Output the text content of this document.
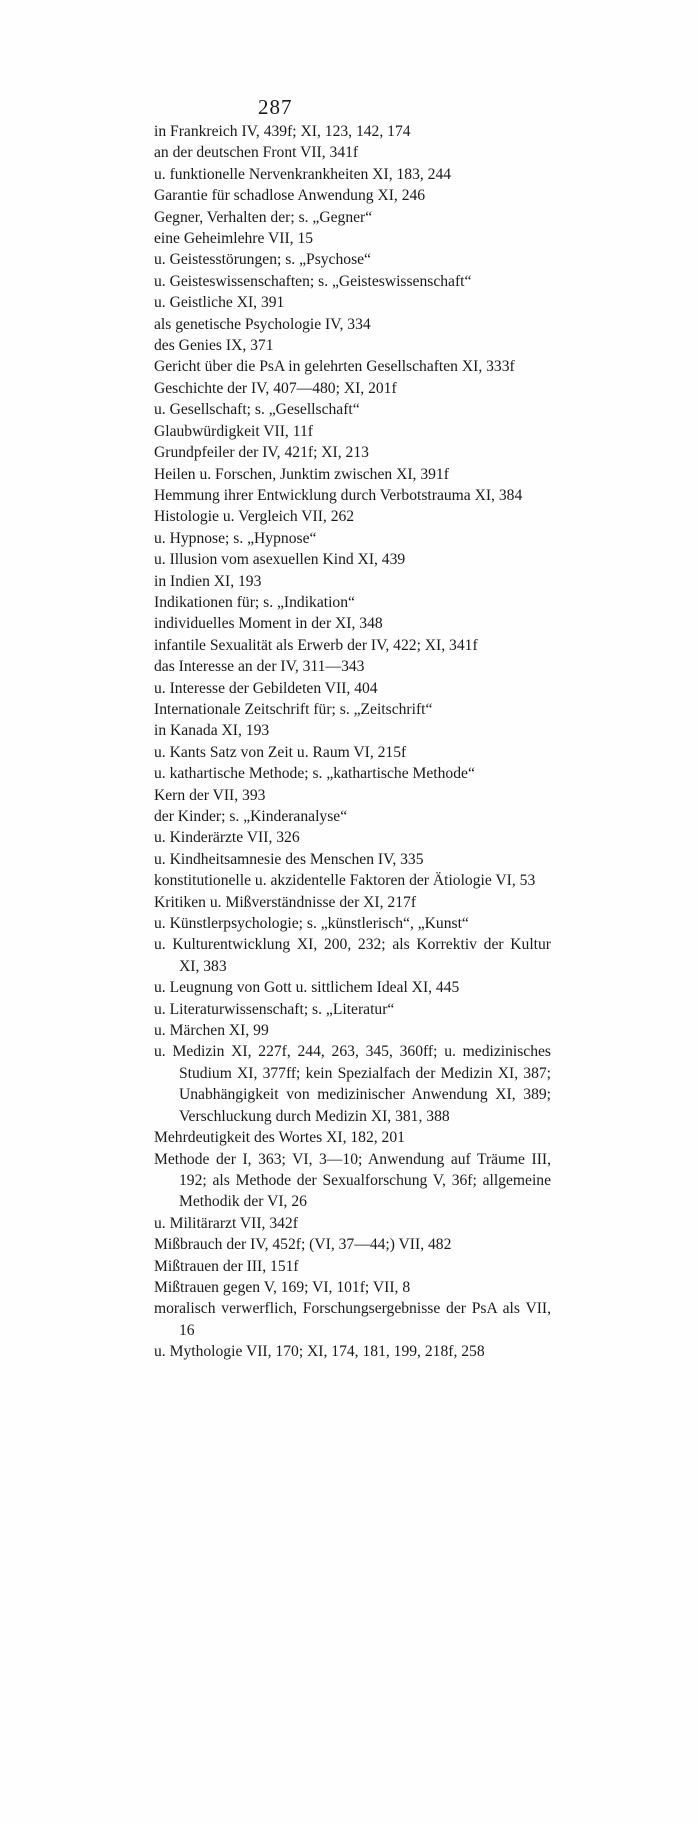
287

in Frankreich IV, 439f; XI, 123, 142, 174

an der deutschen Front VII, 341f

u. funktionelle Nervenkrankheiten XI, 183, 244

Garantie für schadlose Anwendung XI, 246

Gegner, Verhalten der; s. „Gegner“

eine Geheimlehre VII, 15

u. Geistesstörungen; s. „Psychose“

u. Geisteswissenschaften; s. „Geisteswissenschaft“

u. Geistliche XI, 391

als genetische Psychologie IV, 334

des Genies IX, 371

Gericht über die PsA in gelehrten Gesellschaften XI, 333f

Geschichte der IV, 407—480; XI, 201f

u. Gesellschaft; s. „Gesellschaft“

Glaubwürdigkeit VII, 11f

Grundpfeiler der IV, 421f; XI, 213

Heilen u. Forschen, Junktim zwischen XI, 391f

Hemmung ihrer Entwicklung durch Verbotstrauma XI, 384

Histologie u. Vergleich VII, 262

u. Hypnose; s. „Hypnose“

u. Illusion vom asexuellen Kind XI, 439

in Indien XI, 193

Indikationen für; s. „Indikation“

individuelles Moment in der XI, 348

infantile Sexualität als Erwerb der IV, 422; XI, 341f

das Interesse an der IV, 311—343

u. Interesse der Gebildeten VII, 404

Internationale Zeitschrift für; s. „Zeitschrift“

in Kanada XI, 193

u. Kants Satz von Zeit u. Raum VI, 215f

u. kathartische Methode; s. „kathartische Methode“

Kern der VII, 393

der Kinder; s. „Kinderanalyse“

u. Kinderärzte VII, 326

u. Kindheitsamnesie des Menschen IV, 335

konstitutionelle u. akzidentelle Faktoren der Ätiologie VI, 53

Kritiken u. Mißverständnisse der XI, 217f

u. Künstlerpsychologie; s. „künstlerisch“, „Kunst“

u. Kulturentwicklung XI, 200, 232; als Korrektiv der Kultur XI, 383

u. Leugnung von Gott u. sittlichem Ideal XI, 445

u. Literaturwissenschaft; s. „Literatur“

u. Märchen XI, 99

u. Medizin XI, 227f, 244, 263, 345, 360ff; u. medizinisches Studium XI, 377ff; kein Spezialfach der Medizin XI, 387; Unabhängigkeit von medizinischer Anwendung XI, 389; Verschluckung durch Medizin XI, 381, 388

Mehrdeutigkeit des Wortes XI, 182, 201

Methode der I, 363; VI, 3—10; Anwendung auf Träume III, 192; als Methode der Sexualforschung V, 36f; allgemeine Methodik der VI, 26

u. Militärarzt VII, 342f

Mißbrauch der IV, 452f; (VI, 37—44;) VII, 482

Mißtrauen der III, 151f

Mißtrauen gegen V, 169; VI, 101f; VII, 8

moralisch verwerflich, Forschungsergebnisse der PsA als VII, 16

u. Mythologie VII, 170; XI, 174, 181, 199, 218f, 258
